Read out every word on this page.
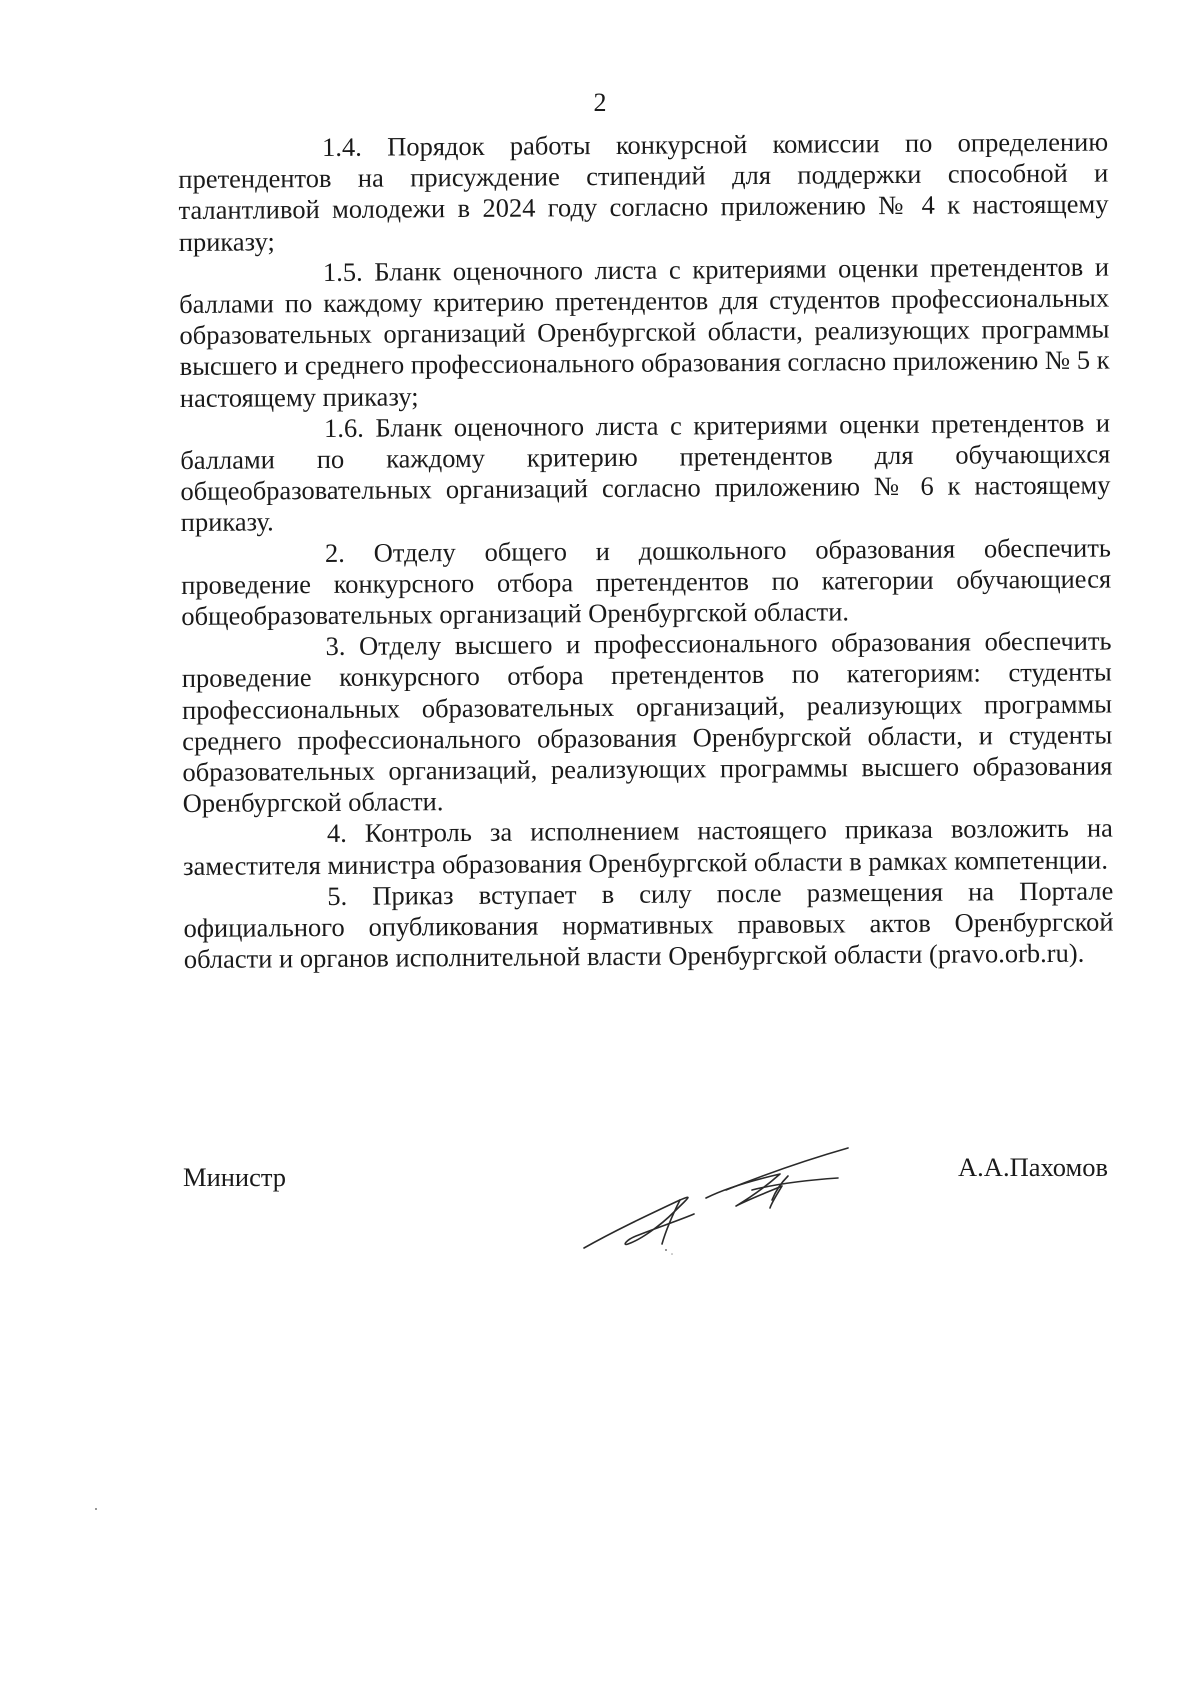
2

1.4. Порядок работы конкурсной комиссии по определению претендентов на присуждение стипендий для поддержки способной и талантливой молодежи в 2024 году согласно приложению № 4 к настоящему приказу;

1.5. Бланк оценочного листа с критериями оценки претендентов и баллами по каждому критерию претендентов для студентов профессиональных образовательных организаций Оренбургской области, реализующих программы высшего и среднего профессионального образования согласно приложению № 5 к настоящему приказу;

1.6. Бланк оценочного листа с критериями оценки претендентов и баллами по каждому критерию претендентов для обучающихся общеобразовательных организаций согласно приложению № 6 к настоящему приказу.

2. Отделу общего и дошкольного образования обеспечить проведение конкурсного отбора претендентов по категории обучающиеся общеобразовательных организаций Оренбургской области.

3. Отделу высшего и профессионального образования обеспечить проведение конкурсного отбора претендентов по категориям: студенты профессиональных образовательных организаций, реализующих программы среднего профессионального образования Оренбургской области, и студенты образовательных организаций, реализующих программы высшего образования Оренбургской области.

4. Контроль за исполнением настоящего приказа возложить на заместителя министра образования Оренбургской области в рамках компетенции.

5. Приказ вступает в силу после размещения на Портале официального опубликования нормативных правовых актов Оренбургской области и органов исполнительной власти Оренбургской области (pravo.orb.ru).

Министр	А.А.Пахомов
